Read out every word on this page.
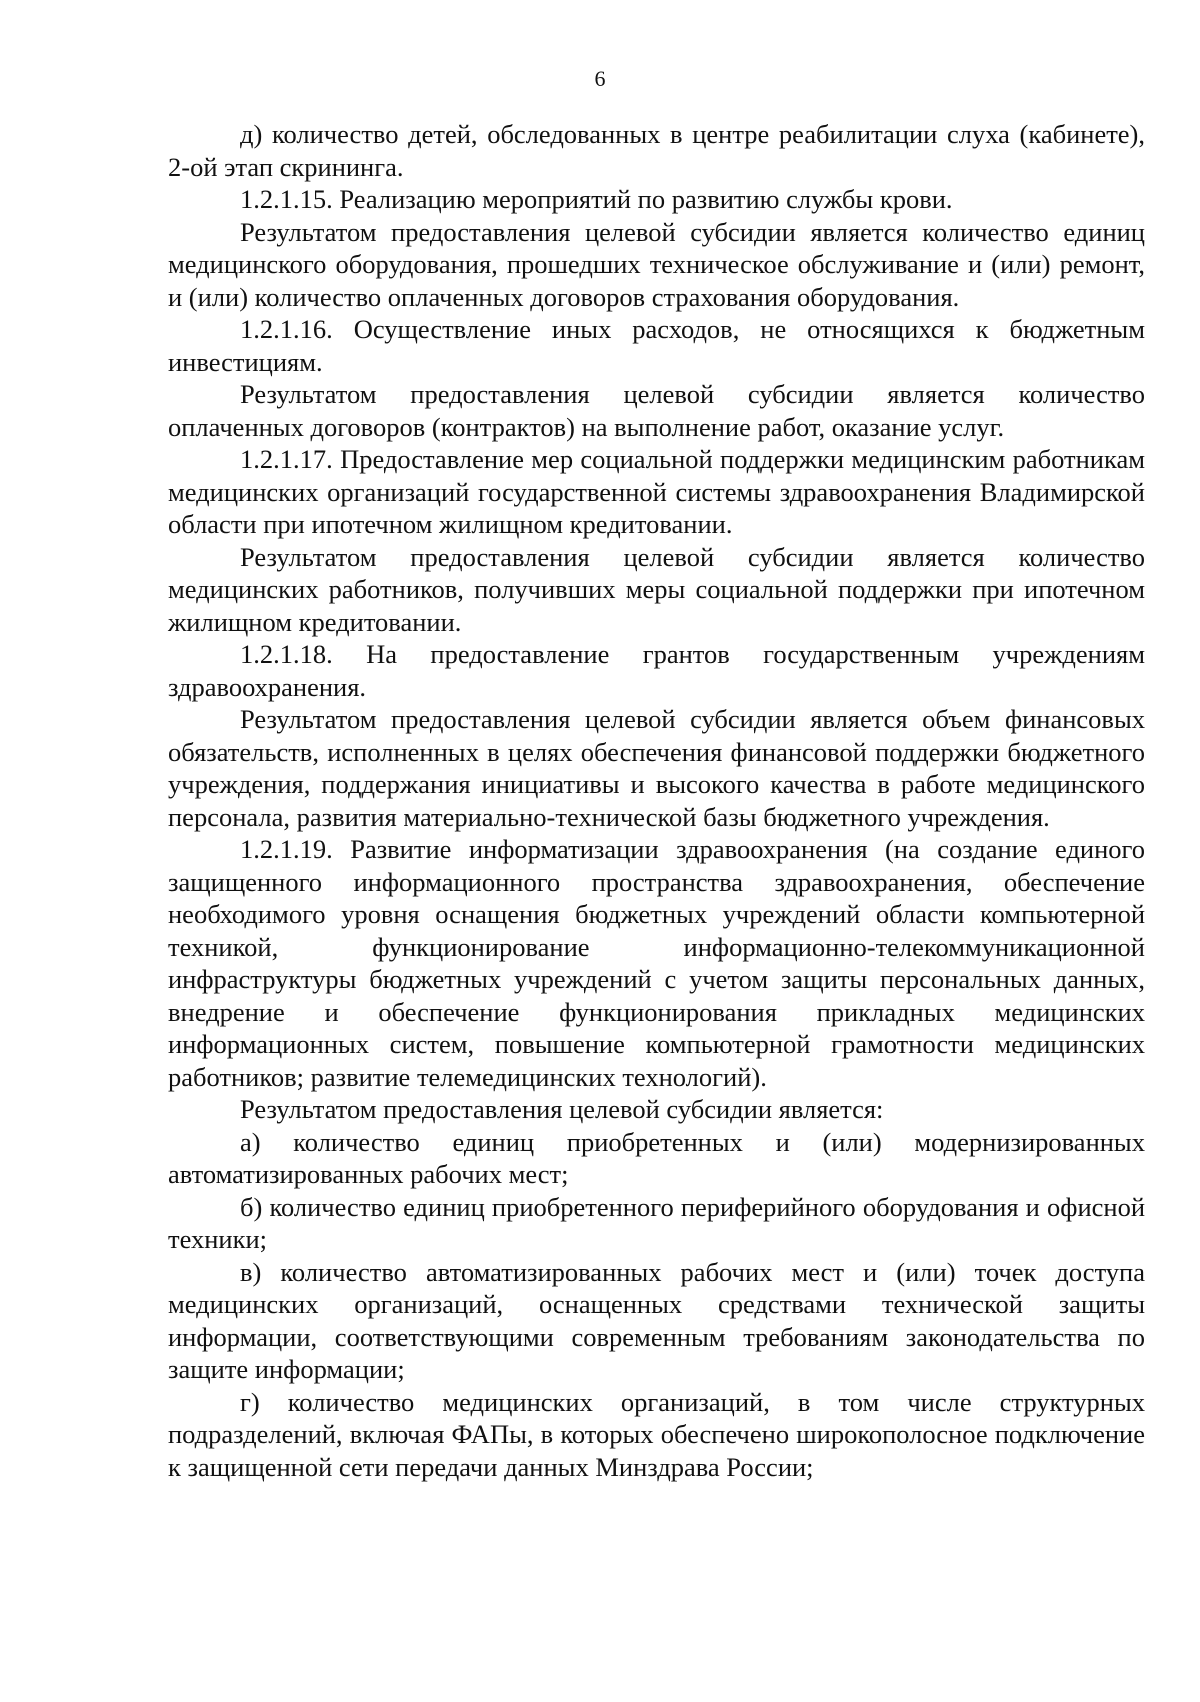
6

д) количество детей, обследованных в центре реабилитации слуха (кабинете), 2-ой этап скрининга.

1.2.1.15. Реализацию мероприятий по развитию службы крови.

Результатом предоставления целевой субсидии является количество единиц медицинского оборудования, прошедших техническое обслуживание и (или) ремонт, и (или) количество оплаченных договоров страхования оборудования.

1.2.1.16. Осуществление иных расходов, не относящихся к бюджетным инвестициям.

Результатом предоставления целевой субсидии является количество оплаченных договоров (контрактов) на выполнение работ, оказание услуг.

1.2.1.17. Предоставление мер социальной поддержки медицинским работникам медицинских организаций государственной системы здравоохранения Владимирской области при ипотечном жилищном кредитовании.

Результатом предоставления целевой субсидии является количество медицинских работников, получивших меры социальной поддержки при ипотечном жилищном кредитовании.

1.2.1.18. На предоставление грантов государственным учреждениям здравоохранения.

Результатом предоставления целевой субсидии является объем финансовых обязательств, исполненных в целях обеспечения финансовой поддержки бюджетного учреждения, поддержания инициативы и высокого качества в работе медицинского персонала, развития материально-технической базы бюджетного учреждения.

1.2.1.19. Развитие информатизации здравоохранения (на создание единого защищенного информационного пространства здравоохранения, обеспечение необходимого уровня оснащения бюджетных учреждений области компьютерной техникой, функционирование информационно-телекоммуникационной инфраструктуры бюджетных учреждений с учетом защиты персональных данных, внедрение и обеспечение функционирования прикладных медицинских информационных систем, повышение компьютерной грамотности медицинских работников; развитие телемедицинских технологий).

Результатом предоставления целевой субсидии является:

а) количество единиц приобретенных и (или) модернизированных автоматизированных рабочих мест;

б) количество единиц приобретенного периферийного оборудования и офисной техники;

в) количество автоматизированных рабочих мест и (или) точек доступа медицинских организаций, оснащенных средствами технической защиты информации, соответствующими современным требованиям законодательства по защите информации;

г) количество медицинских организаций, в том числе структурных подразделений, включая ФАПы, в которых обеспечено широкополосное подключение к защищенной сети передачи данных Минздрава России;
